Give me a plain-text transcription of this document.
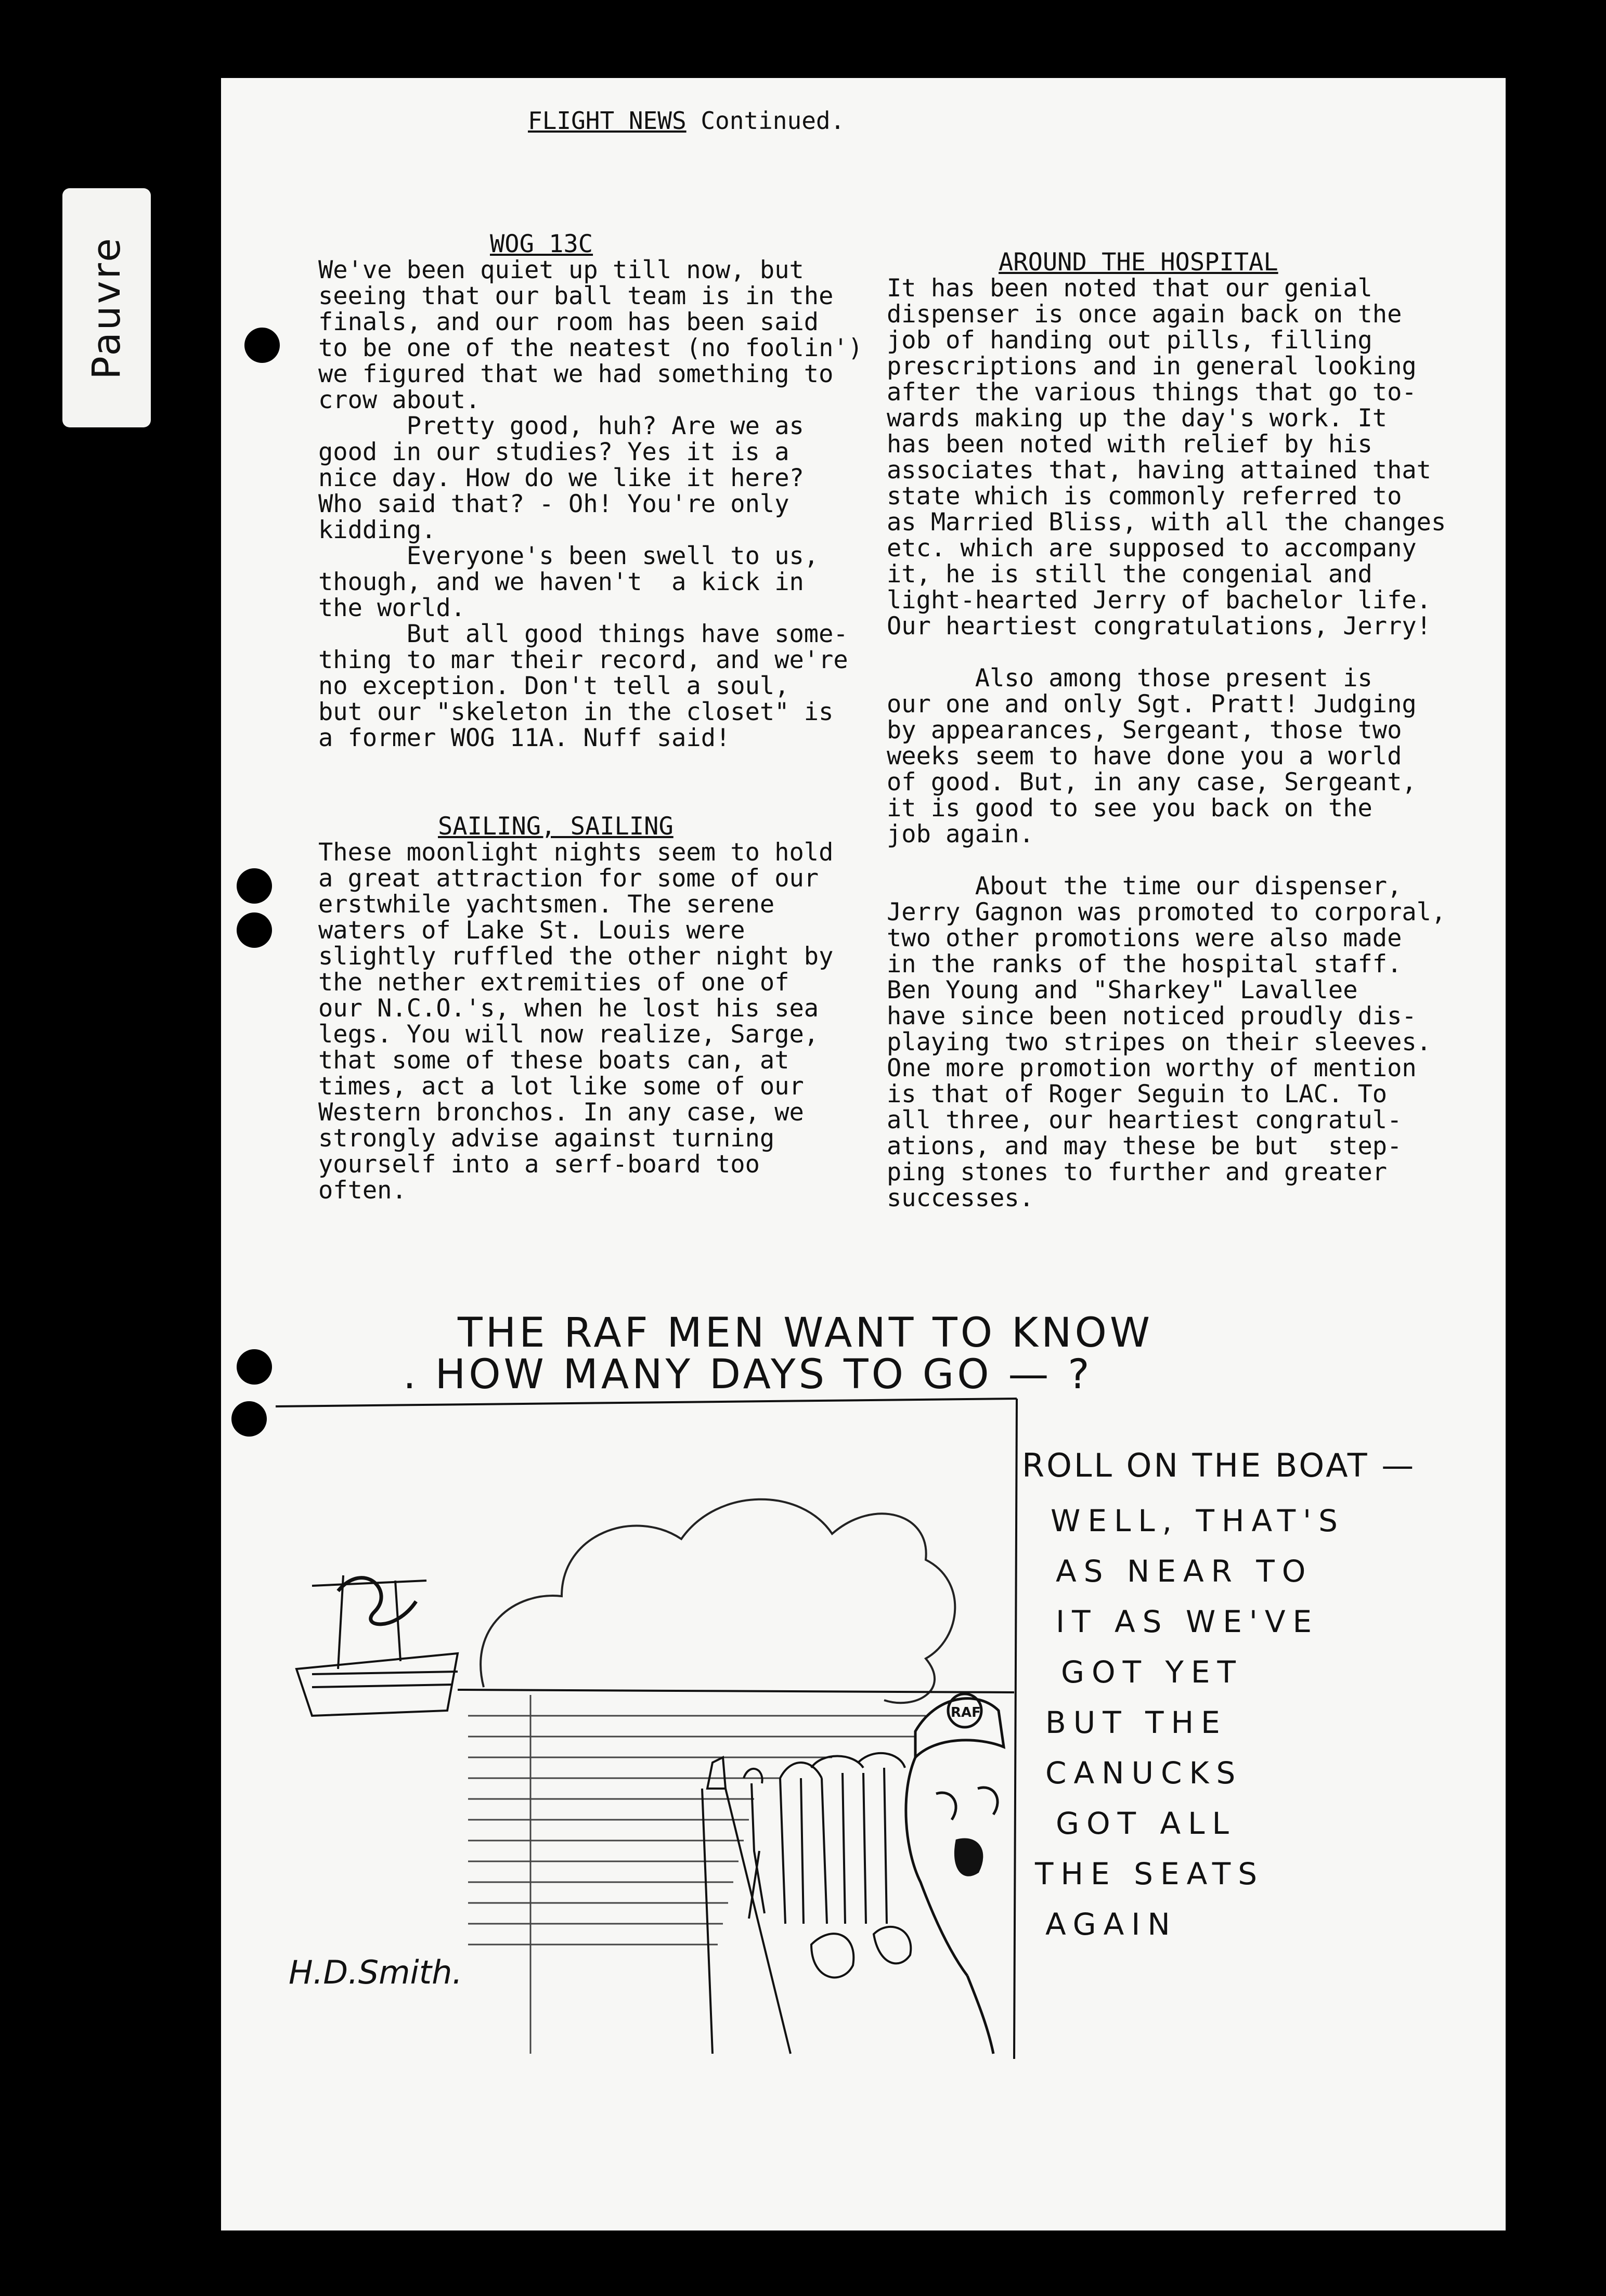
Pauvre
FLIGHT NEWS Continued.

WOG 13C

We've been quiet up till now, but

seeing that our ball team is in the

finals, and our room has been said

to be one of the neatest (no foolin')

we figured that we had something to

crow about.

Pretty good, huh? Are we as

good in our studies? Yes it is a

nice day. How do we like it here?

Who said that? - Oh! You're only

kidding.

Everyone's been swell to us,

though, and we haven't  a kick in

the world.

But all good things have some-

thing to mar their record, and we're

no exception. Don't tell a soul,

but our "skeleton in the closet" is

a former WOG 11A. Nuff said!

SAILING, SAILING

These moonlight nights seem to hold

a great attraction for some of our

erstwhile yachtsmen. The serene

waters of Lake St. Louis were

slightly ruffled the other night by

the nether extremities of one of

our N.C.O.'s, when he lost his sea

legs. You will now realize, Sarge,

that some of these boats can, at

times, act a lot like some of our

Western bronchos. In any case, we

strongly advise against turning

yourself into a serf-board too

often.

AROUND THE HOSPITAL

It has been noted that our genial

dispenser is once again back on the

job of handing out pills, filling

prescriptions and in general looking

after the various things that go to-

wards making up the day's work. It

has been noted with relief by his

associates that, having attained that

state which is commonly referred to

as Married Bliss, with all the changes

etc. which are supposed to accompany

it, he is still the congenial and

light-hearted Jerry of bachelor life.

Our heartiest congratulations, Jerry!

Also among those present is

our one and only Sgt. Pratt! Judging

by appearances, Sergeant, those two

weeks seem to have done you a world

of good. But, in any case, Sergeant,

it is good to see you back on the

job again.

About the time our dispenser,

Jerry Gagnon was promoted to corporal,

two other promotions were also made

in the ranks of the hospital staff.

Ben Young and "Sharkey" Lavallee

have since been noticed proudly dis-

playing two stripes on their sleeves.

One more promotion worthy of mention

is that of Roger Seguin to LAC. To

all three, our heartiest congratul-

ations, and may these be but  step-

ping stones to further and greater

successes.

THE RAF MEN WANT TO KNOW
. HOW MANY DAYS TO GO — ?
RAF
ROLL ON THE BOAT —
WELL, THAT'S
AS NEAR TO
IT AS WE'VE
GOT YET
BUT THE
CANUCKS
GOT ALL
THE SEATS
AGAIN
H.D.Smith.
